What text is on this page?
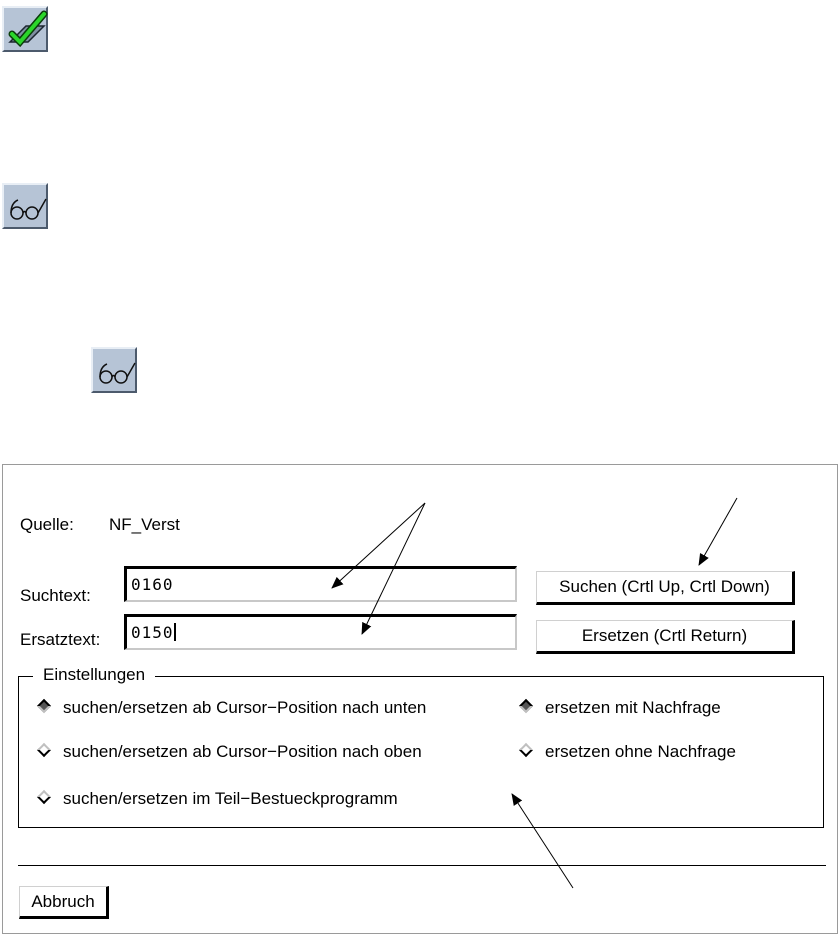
Quelle: NF_Verst
Suchtext:
0160
Ersatztext:	0150
Suchen (Crtl Up, Crtl Down)
Ersetzen (Crtl Return)
Einstellungen
suchen/ersetzen ab Cursor−Position nach unten
suchen/ersetzen ab Cursor−Position nach oben
suchen/ersetzen im Teil−Bestueckprogramm
ersetzen mit Nachfrage
ersetzen ohne Nachfrage
Abbruch
